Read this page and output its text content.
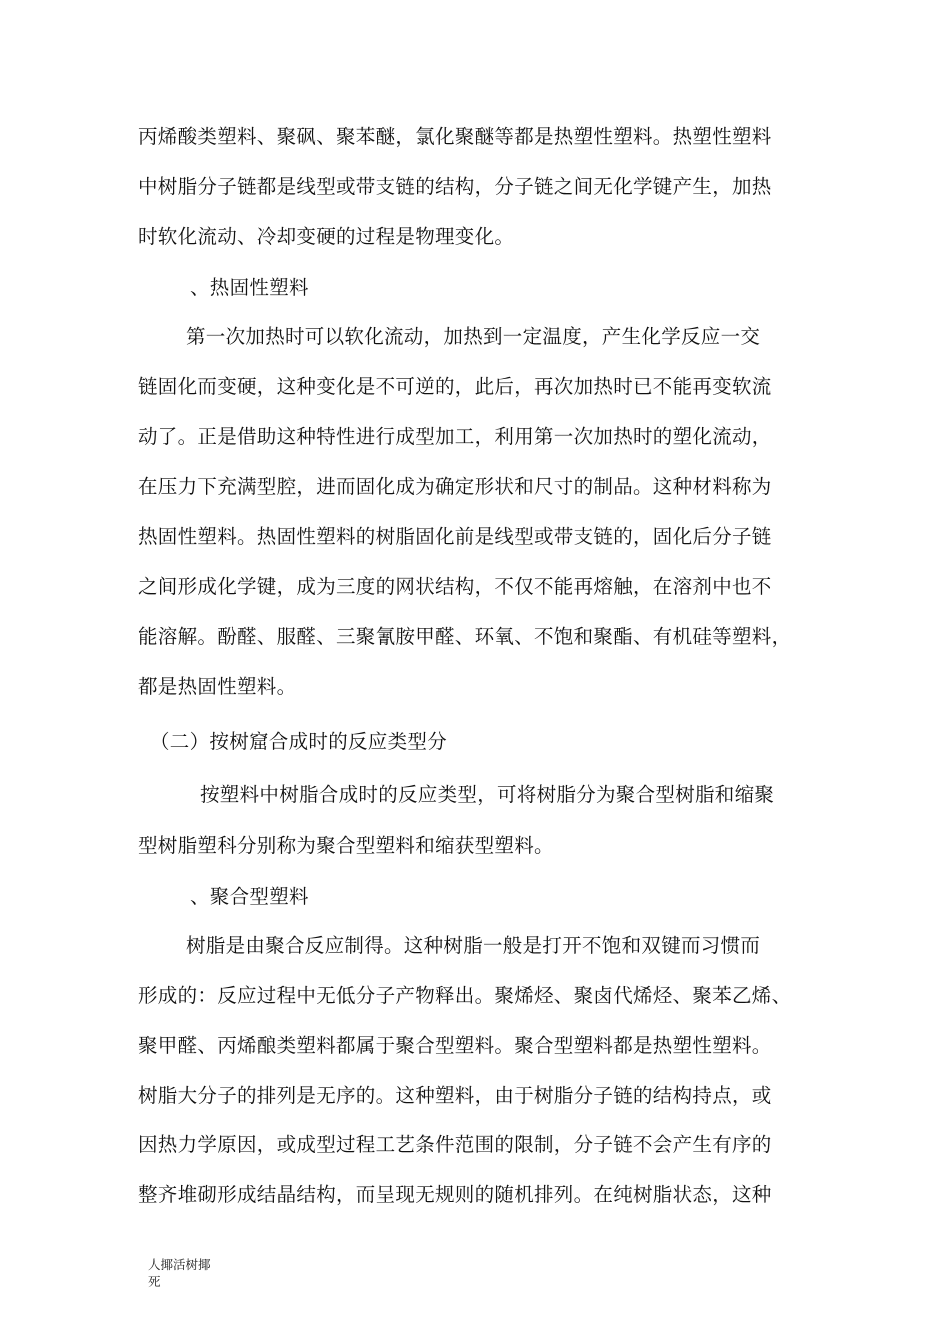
丙烯酸类塑料、聚砜、聚苯醚，氯化聚醚等都是热塑性塑料。热塑性塑料

中树脂分子链都是线型或带支链的结构，分子链之间无化学键产生，加热

时软化流动、冷却变硬的过程是物理变化。

、热固性塑料

第一次加热时可以软化流动，加热到一定温度，产生化学反应一交

链固化而变硬，这种变化是不可逆的，此后，再次加热时已不能再变软流

动了。正是借助这种特性进行成型加工，利用第一次加热时的塑化流动，

在压力下充满型腔，进而固化成为确定形状和尺寸的制品。这种材料称为

热固性塑料。热固性塑料的树脂固化前是线型或带支链的，固化后分子链

之间形成化学键，成为三度的网状结构，不仅不能再熔触，在溶剂中也不

能溶解。酚醛、服醛、三聚氰胺甲醛、环氧、不饱和聚酯、有机硅等塑料，

都是热固性塑料。

（二）按树窟合成时的反应类型分

按塑料中树脂合成时的反应类型，可将树脂分为聚合型树脂和缩聚

型树脂塑科分别称为聚合型塑料和缩获型塑料。

、聚合型塑料

树脂是由聚合反应制得。这种树脂一般是打开不饱和双键而习惯而

形成的：反应过程中无低分子产物释出。聚烯烃、聚卤代烯烃、聚苯乙烯、

聚甲醛、丙烯酿类塑料都属于聚合型塑料。聚合型塑料都是热塑性塑料。

树脂大分子的排列是无序的。这种塑料，由于树脂分子链的结构持点，或

因热力学原因，或成型过程工艺条件范围的限制，分子链不会产生有序的

整齐堆砌形成结晶结构，而呈现无规则的随机排列。在纯树脂状态，这种

人揶活树揶
死
